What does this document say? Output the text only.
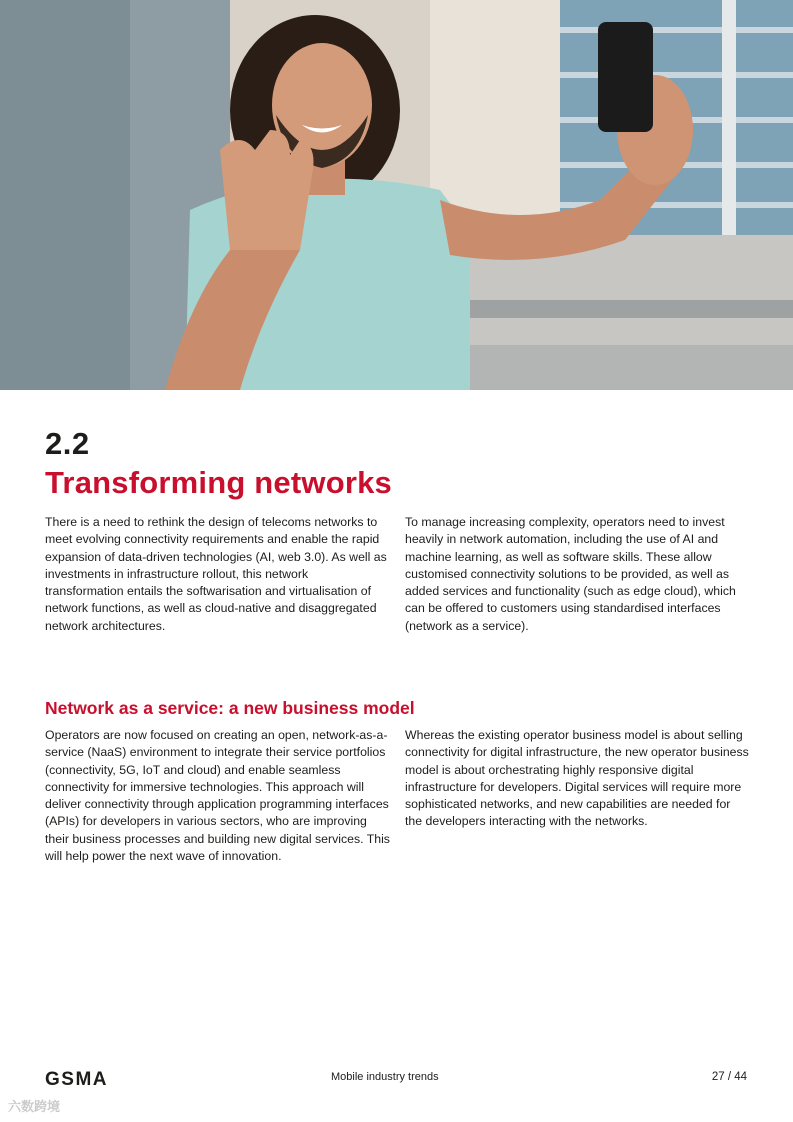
2.2
Transforming networks

There is a need to rethink the design of telecoms networks to meet evolving connectivity requirements and enable the rapid expansion of data-driven technologies (AI, web 3.0). As well as investments in infrastructure rollout, this network transformation entails the softwarisation and virtualisation of network functions, as well as cloud-native and disaggregated network architectures.

To manage increasing complexity, operators need to invest heavily in network automation, including the use of AI and machine learning, as well as software skills. These allow customised connectivity solutions to be provided, as well as added services and functionality (such as edge cloud), which can be offered to customers using standardised interfaces (network as a service).

Network as a service: a new business model

Operators are now focused on creating an open, network-as-a-service (NaaS) environment to integrate their service portfolios (connectivity, 5G, IoT and cloud) and enable seamless connectivity for immersive technologies. This approach will deliver connectivity through application programming interfaces (APIs) for developers in various sectors, who are improving their business processes and building new digital services. This will help power the next wave of innovation.

Whereas the existing operator business model is about selling connectivity for digital infrastructure, the new operator business model is about orchestrating highly responsive digital infrastructure for developers. Digital services will require more sophisticated networks, and new capabilities are needed for the developers interacting with the networks.

GSMA	Mobile industry trends	27 / 44
六数跨境
